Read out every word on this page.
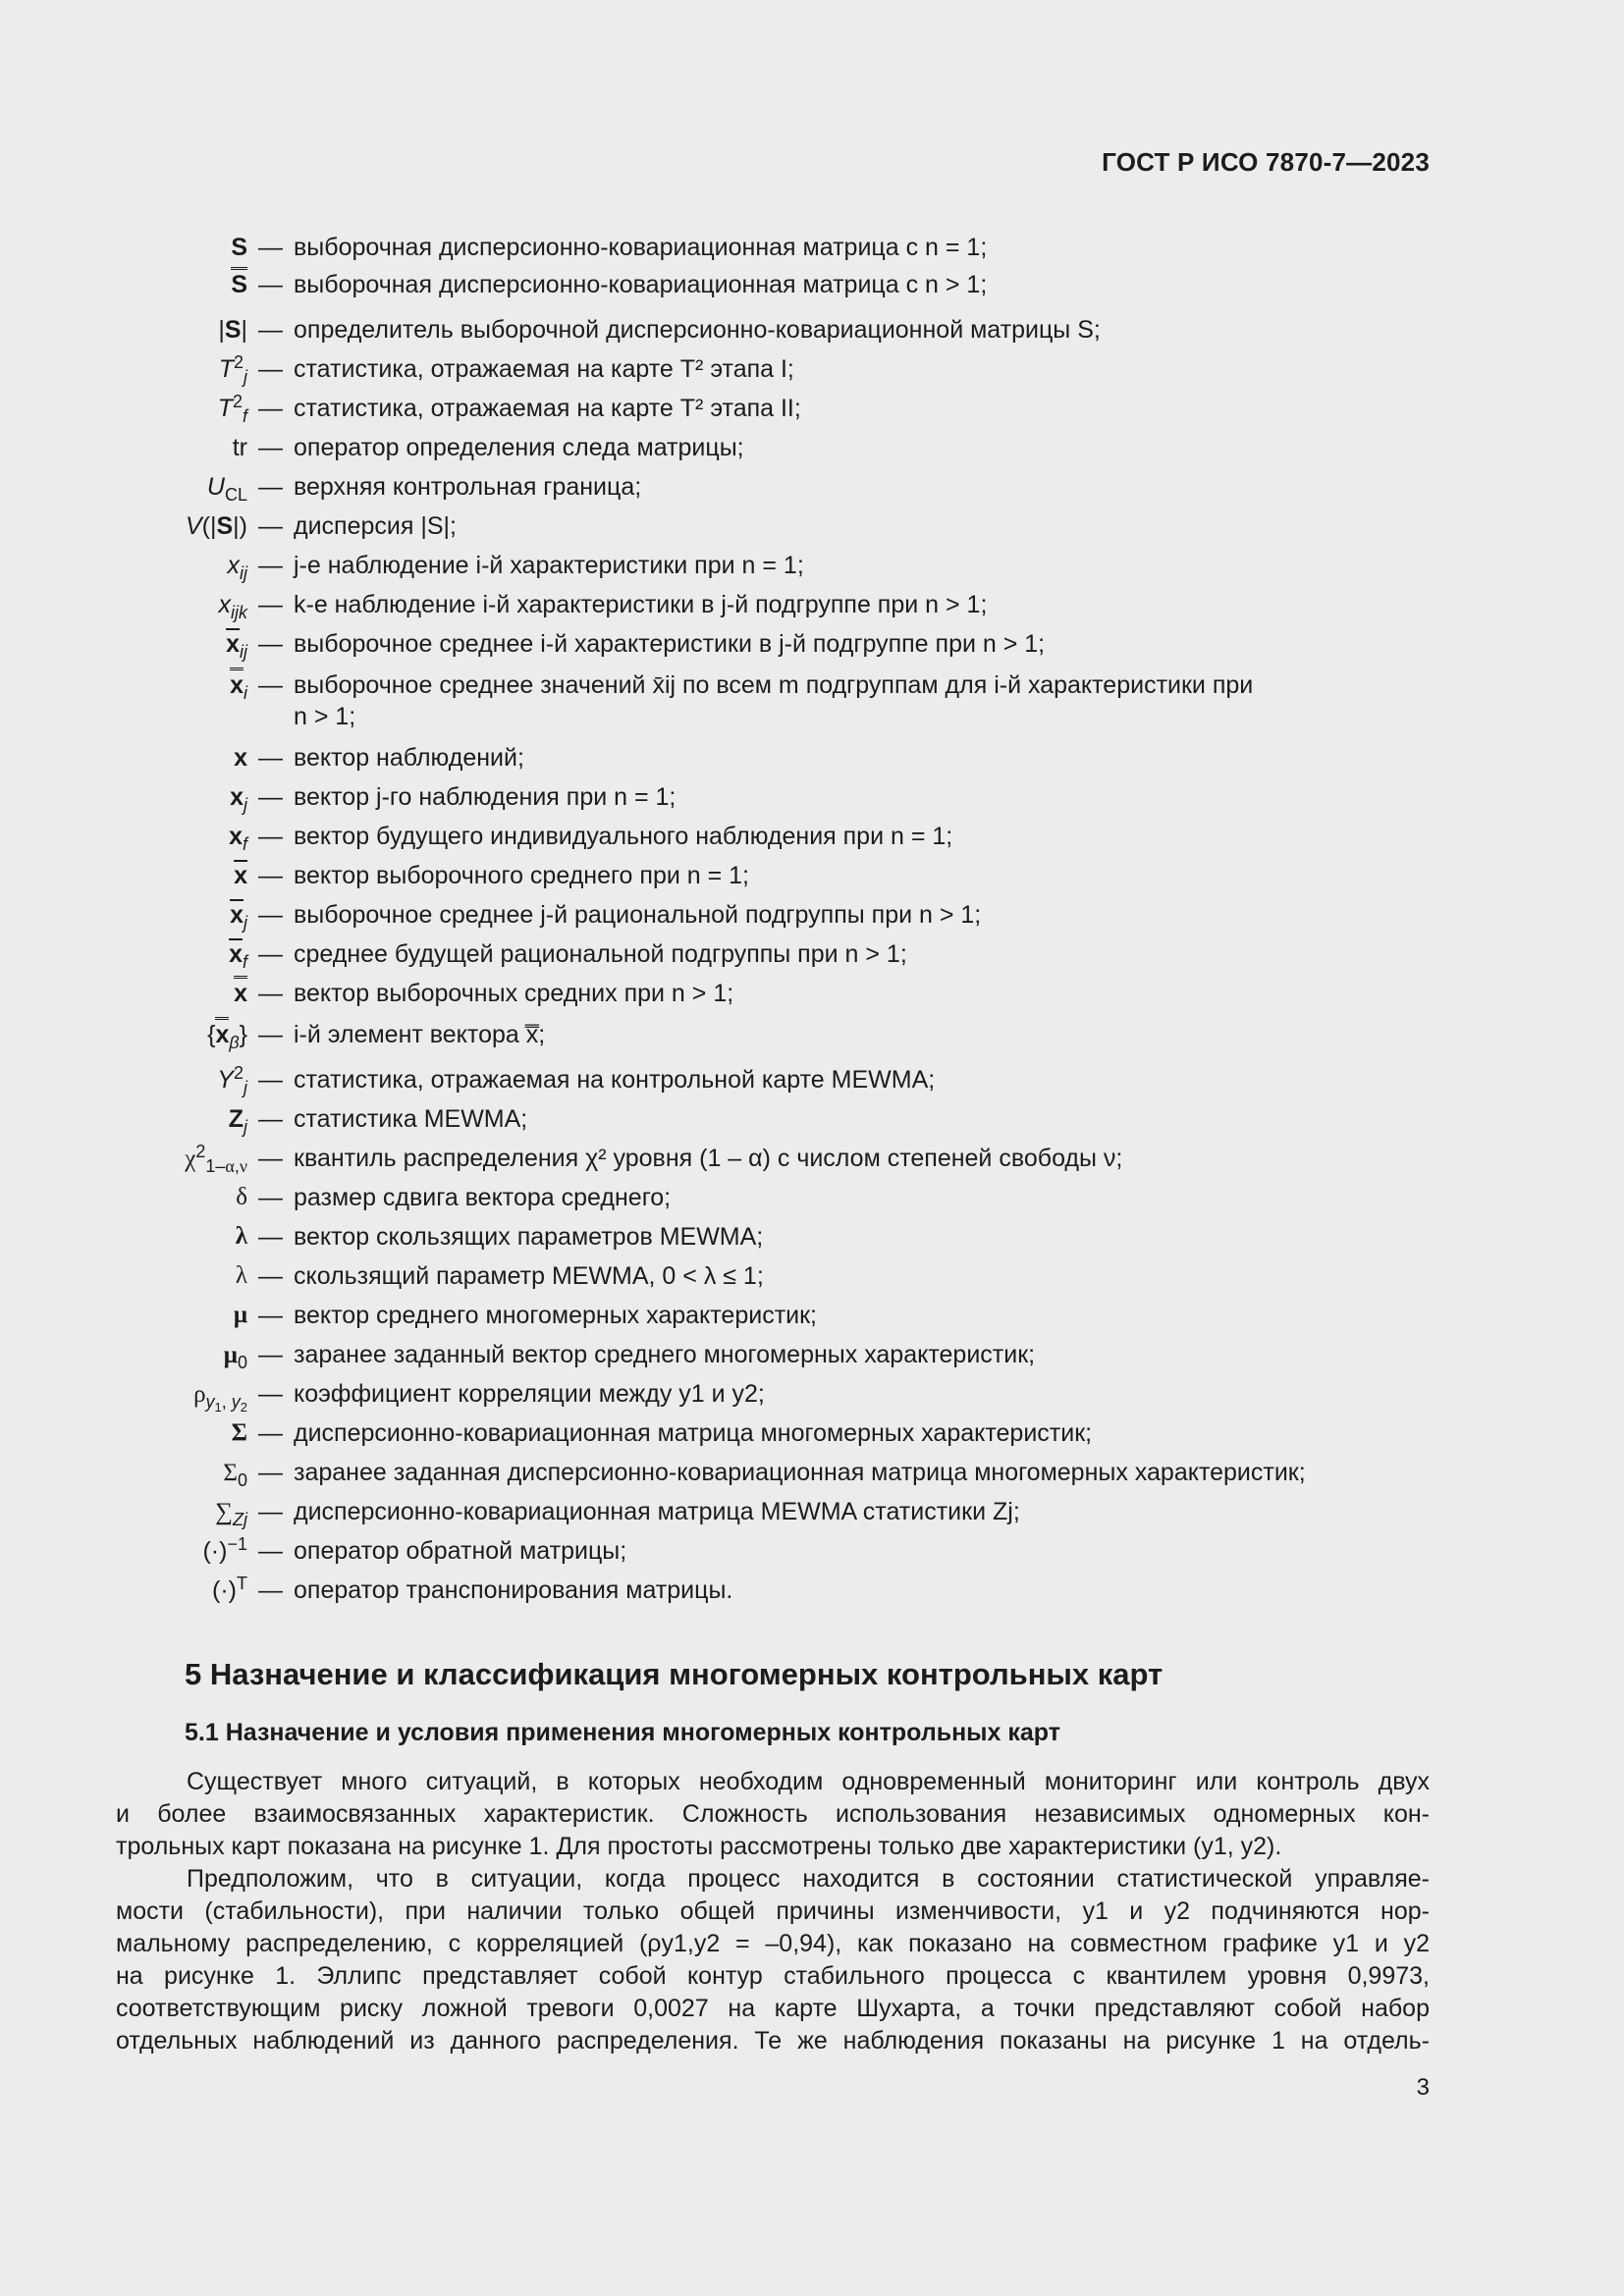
ГОСТ Р ИСО 7870-7—2023
S — выборочная дисперсионно-ковариационная матрица с n = 1;
S — выборочная дисперсионно-ковариационная матрица с n > 1;
|S| — определитель выборочной дисперсионно-ковариационной матрицы S;
$T^2_j$ — статистика, отражаемая на карте T² этапа I;
$T^2_f$ — статистика, отражаемая на карте T² этапа II;
tr — оператор определения следа матрицы;
$U_{CL}$ — верхняя контрольная граница;
V(|S|) — дисперсия |S|;
$x_{ij}$ — j-е наблюдение i-й характеристики при n = 1;
$x_{ijk}$ — k-е наблюдение i-й характеристики в j-й подгруппе при n > 1;
$\overline{x}_{ij}$ — выборочное среднее i-й характеристики в j-й подгруппе при n > 1;
$x_i$ — выборочное среднее значений x̄ij по всем m подгруппам для i-й характеристики при
n > 1;
x — вектор наблюдений;
$x_j$ — вектор j-го наблюдения при n = 1;
$x_f$ — вектор будущего индивидуального наблюдения при n = 1;
$\overline{x}$ — вектор выборочного среднего при n = 1;
$\overline{x}_j$ — выборочное среднее j-й рациональной подгруппы при n > 1;
$\overline{x}_f$ — среднее будущей рациональной подгруппы при n > 1;
x — вектор выборочных средних при n > 1;
$\{x_\beta\}$ — i-й элемент вектора x̿;
$Y^2_j$ — статистика, отражаемая на контрольной карте MEWMA;
$Z_j$ — статистика MEWMA;
$\chi^2_{1-\alpha,\nu}$ — квантиль распределения χ² уровня (1 – α) с числом степеней свободы ν;
δ — размер сдвига вектора среднего;
λ — вектор скользящих параметров MEWMA;
λ — скользящий параметр MEWMA, 0 < λ ≤ 1;
μ — вектор среднего многомерных характеристик;
$\mu_0$ — заранее заданный вектор среднего многомерных характеристик;
$\rho_{y_1, y_2}$ — коэффициент корреляции между y1 и y2;
Σ — дисперсионно-ковариационная матрица многомерных характеристик;
$\Sigma_0$ — заранее заданная дисперсионно-ковариационная матрица многомерных характеристик;
$\sum_{Zj}$ — дисперсионно-ковариационная матрица MEWMA статистики Zj;
$(\cdot)^{-1}$ — оператор обратной матрицы;
$(\cdot)^T$ — оператор транспонирования матрицы.
5 Назначение и классификация многомерных контрольных карт
5.1 Назначение и условия применения многомерных контрольных карт
Существует много ситуаций, в которых необходим одновременный мониторинг или контроль двух
и более взаимосвязанных характеристик. Сложность использования независимых одномерных кон-
трольных карт показана на рисунке 1. Для простоты рассмотрены только две характеристики (y1, y2).
Предположим, что в ситуации, когда процесс находится в состоянии статистической управляе-
мости (стабильности), при наличии только общей причины изменчивости, y1 и y2 подчиняются нор-
мальному распределению, с корреляцией (ρy1,y2 = –0,94), как показано на совместном графике y1 и y2
на рисунке 1. Эллипс представляет собой контур стабильного процесса с квантилем уровня 0,9973,
соответствующим риску ложной тревоги 0,0027 на карте Шухарта, а точки представляют собой набор
отдельных наблюдений из данного распределения. Те же наблюдения показаны на рисунке 1 на отдель-
3
